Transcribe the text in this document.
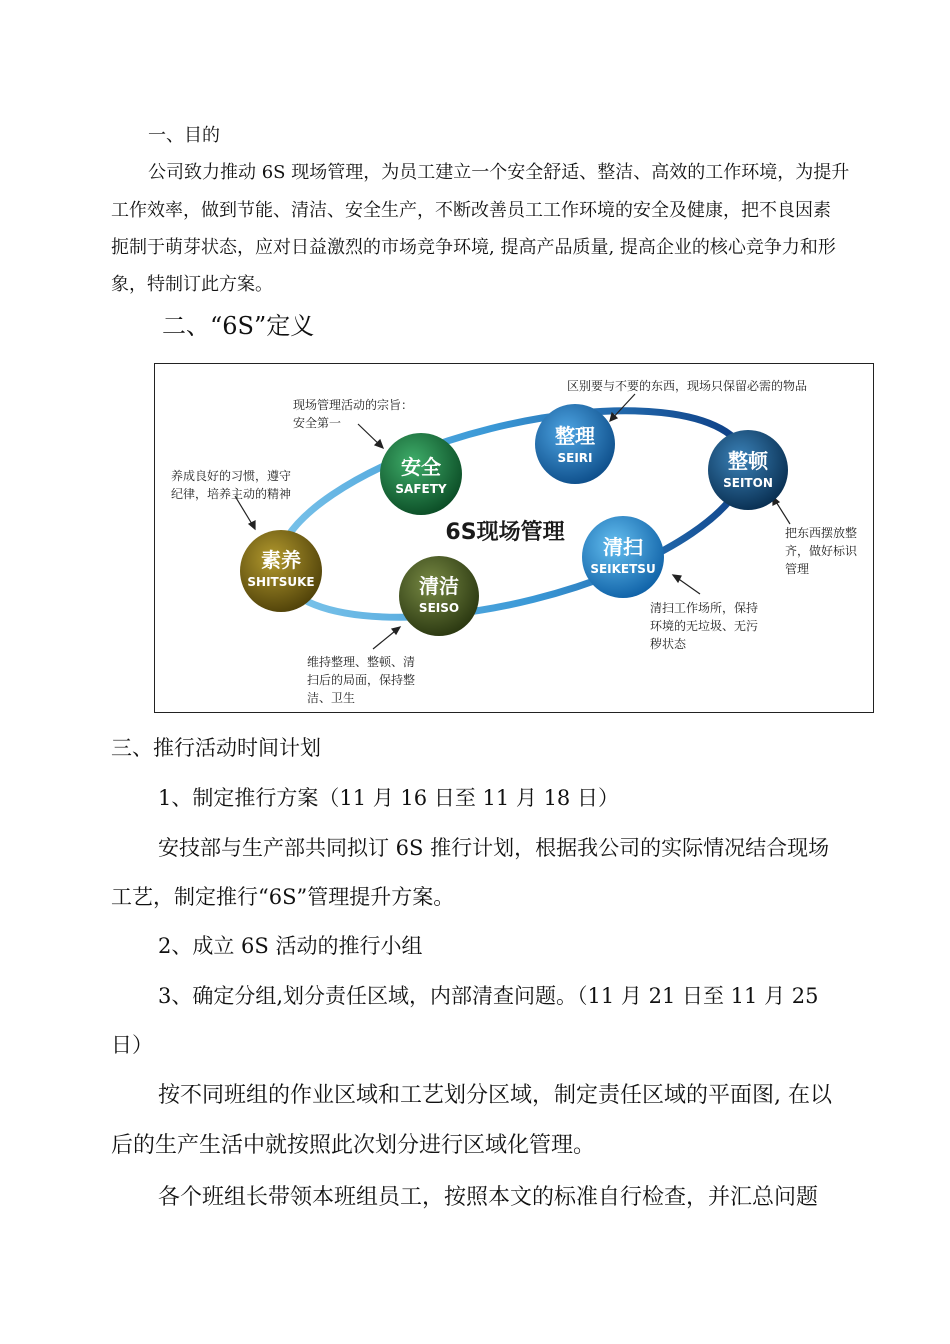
一、目的
公司致力推动 6S 现场管理，为员工建立一个安全舒适、整洁、高效的工作环境，为提升
工作效率，做到节能、清洁、安全生产，不断改善员工工作环境的安全及健康，把不良因素
扼制于萌芽状态，应对日益激烈的市场竞争环境, 提高产品质量, 提高企业的核心竞争力和形
象，特制订此方案。
二、“6S”定义
6S现场管理
安全
SAFETY
整理
SEIRI	整顿
SEITON
清扫
SEIKETSU
清洁
SEISO
素养
SHITSUKE
现场管理活动的宗旨：
安全第一
区别要与不要的东西，现场只保留必需的物品
把东西摆放整
齐，做好标识
管理
清扫工作场所，保持
环境的无垃圾、无污
秽状态
维持整理、整顿、清
扫后的局面，保持整
洁、卫生
养成良好的习惯，遵守
纪律，培养主动的精神
三、推行活动时间计划
1、制定推行方案（11 月 16 日至 11 月 18 日）
安技部与生产部共同拟订 6S 推行计划，根据我公司的实际情况结合现场
工艺，制定推行“6S”管理提升方案。
2、成立 6S 活动的推行小组
3、确定分组,划分责任区域，内部清查问题。（11 月 21 日至 11 月 25
日）
按不同班组的作业区域和工艺划分区域，制定责任区域的平面图, 在以
后的生产生活中就按照此次划分进行区域化管理。
各个班组长带领本班组员工，按照本文的标准自行检查，并汇总问题
